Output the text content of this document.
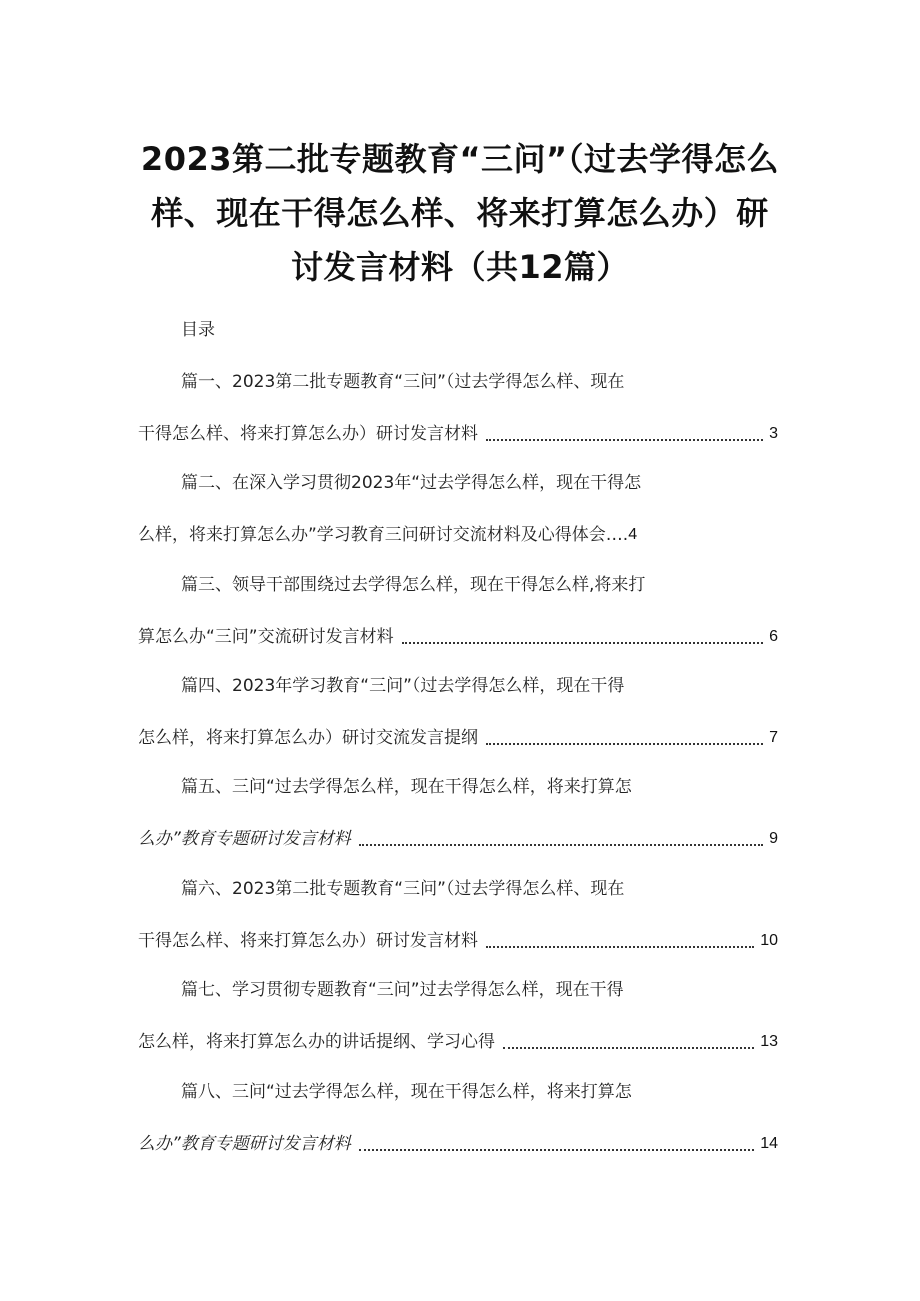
2023第二批专题教育“三问”（过去学得怎么
样、现在干得怎么样、将来打算怎么办）研
讨发言材料（共12篇）
目录
篇一、2023第二批专题教育“三问”（过去学得怎么样、现在
干得怎么样、将来打算怎么办）研讨发言材料	3
篇二、在深入学习贯彻2023年“过去学得怎么样，现在干得怎
么样，将来打算怎么办”学习教育三问研讨交流材料及心得体会…. 4
篇三、领导干部围绕过去学得怎么样，现在干得怎么样,将来打
算怎么办“三问”交流研讨发言材料	6
篇四、2023年学习教育“三问”（过去学得怎么样，现在干得
怎么样，将来打算怎么办）研讨交流发言提纲	7
篇五、三问“过去学得怎么样，现在干得怎么样，将来打算怎
么办”教育专题研讨发言材料	9
篇六、2023第二批专题教育“三问”（过去学得怎么样、现在
干得怎么样、将来打算怎么办）研讨发言材料	10
篇七、学习贯彻专题教育“三问”过去学得怎么样，现在干得
怎么样，将来打算怎么办的讲话提纲、学习心得	13
篇八、三问“过去学得怎么样，现在干得怎么样，将来打算怎
么办”教育专题研讨发言材料	14
